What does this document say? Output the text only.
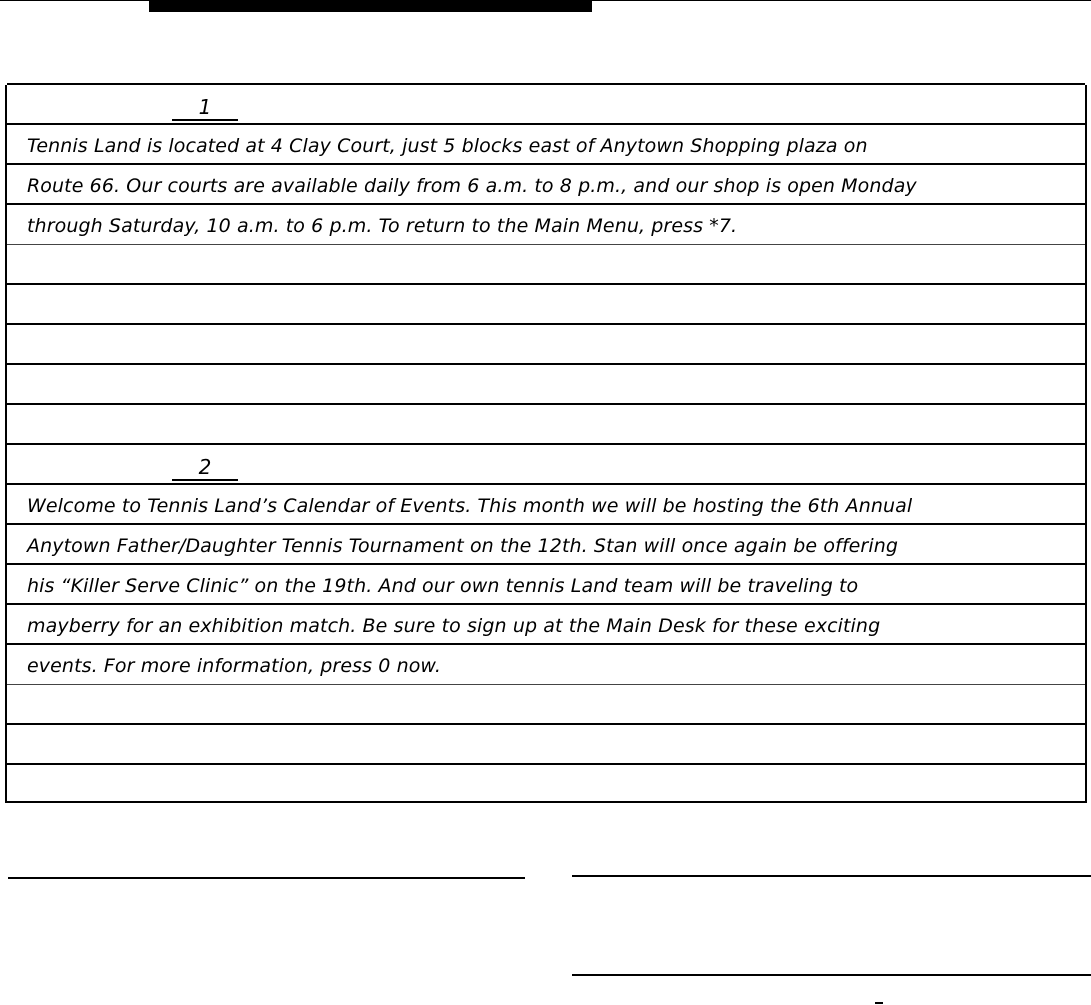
1
Tennis Land is located at 4 Clay Court, just 5 blocks east of Anytown Shopping plaza on
Route 66. Our courts are available daily from 6 a.m. to 8 p.m., and our shop is open Monday
through Saturday, 10 a.m. to 6 p.m. To return to the Main Menu, press *7.
2
Welcome to Tennis Land’s Calendar of Events. This month we will be hosting the 6th Annual
Anytown Father/Daughter Tennis Tournament on the 12th. Stan will once again be offering
his “Killer Serve Clinic” on the 19th. And our own tennis Land team will be traveling to
mayberry for an exhibition match. Be sure to sign up at the Main Desk for these exciting
events. For more information, press 0 now.
